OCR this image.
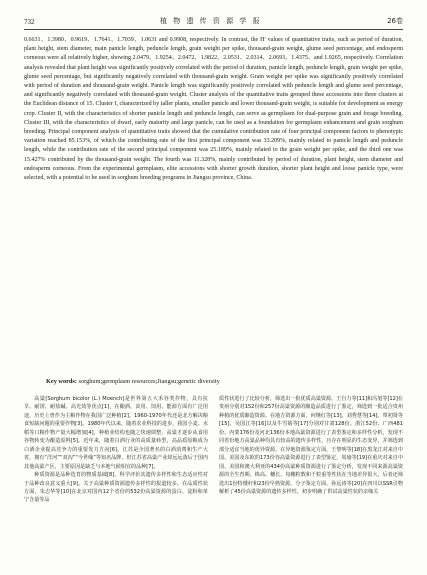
732	植 物 遗 传 资 源 学 报	26卷

0.6631、1.3980、0.9619、1.7641、1.7039、1.0631 and 0.9908, respectively. In contrast, the H′ values of quantitative traits, such as period of duration, plant height, stem diameter, main panicle length, peduncle length, grain weight per spike, thousand-grain weight, glume seed percentage, and endosperm corneous were all relatively higher, showing 2.0479、1.9254、2.0472、1.9822、2.0531、2.0314、2.0693、1.4375、and 1.9265, respectively. Correlation analysis revealed that plant height was significantly positively correlated with the period of duration, panicle length, peduncle length, grain weight per spike, glume seed percentage, but significantly negatively correlated with thousand-grain weight. Grain weight per spike was significantly positively correlated with period of duration and thousand-grain weight. Panicle length was significantly positively correlated with peduncle length and glume seed percentage, and significantly negatively correlated with thousand-grain weight. Cluster analysis of the quantitative traits grouped these accessions into three clusters at the Euclidean distance of 15. Cluster I, characterized by taller plants, smaller panicle and lower thousand-grain weight, is suitable for development as energy crop. Cluster II, with the characteristics of shorter panicle length and peduncle length, can serve as germplasm for dual-purpose grain and forage breeding. Cluster III, with the characteristics of dwarf, early maturity and large panicle, can be used as a foundation for germplasm enhancement and grain sorghum breeding. Principal component analysis of quantitative traits showed that the cumulative contribution rate of four principal component factors to phenotypic variation reached 85.153%, of which the contributing rate of the first principal component was 33.209%, mainly related to panicle length and peduncle length, while the contribution rate of the second principal component was 25.189%, mainly related to the grain weight per spike, and the third one was 15.427% contributed by the thousand-grain weight. The fourth was 11.328%, mainly contributed by period of duration, plant height, stem diameter and endosperm corneous. From the experimental germplasm, elite accessions with shorter growth duration, shorter plant height and loose panicle type, were selected, with a potential to be used in sorghum breeding programs in Jiangsu province, China.

Key words: sorghum;germplasm resources;Jiangsu;genetic diversity

高粱[Sorghum bicolor (L.) Moench]是世界第五大禾谷类作物，具有抗旱、耐涝、耐盐碱、高光效等优点[1]，在酿酒、食用、饲用、能源方面有广泛用途，历史上曾作为主粮作物在我国广泛种植[2]。1960-1970年代还是北方解决粮食短缺问题的重要作物[3]。1980年代以来，随着农业科技的进步，我国小麦、水稻等口粮作物产量大幅增加[4]，种植业结构也随之快速调整，高粱才逐步从食用谷物转变为酿造原料[5]。近年来，随着白酒行业的高质量转型，高品质原粮成为白酒企业提高竞争力的重要发力方向[6]。江苏是全国著名的白酒消费和生产大省，拥有“洋河”“双沟”“今世缘”等知名品牌，但江苏省高粱产业却远远落后于国内其他高粱产区，主要原因是缺乏与本地气候相宜的品种[7]。

种质资源是品种选育的物质基础[8]，科学评价其遗传多样性和生态适应性对于品种改良意义重大[9]。关于高粱种质资源遗传多样性的报道较多。在品质性状方面，朱志华等[10]在北京对国内12个省份的532份高粱资源的蛋白、淀粉和单宁含量等品

质性状进行了比较分析，筛选出一批优质高粱资源。王自力等[11]和冯旭等[12]在贵州分别对152份和257份高粱资源的酿造品质进行了鉴定，筛选到一批适合贵州种植的优质酿造资源。在地方资源方面，何继红等[13]、刘秀慧等[14]、覃初贤等[15]、吴国江等[16]以及牛雪婧等[17]分别对甘肃128份、浙江52份、广西481份、内蒙176份及河北136份本地高粱资源进行了表型鉴定和多样性分析，发现不同省份地方高粱品种均具有较高的遗传多样性，且存在明显的生态变异，并筛选到部分适宜当地的优异资源。在异地资源鉴定方面，王黎明等[18]在黑龙江对来自中国、美国及东欧的173份谷高粱资源进行了表型鉴定，周瑜等[19]在重庆对来自中国、美国和澳大利亚的434份高粱种质资源进行了鉴定分析，发现不同来源高粱资源的全生育期、株高、穗长、每穗粒数和千粒重等性状在当地差异很大，后者还筛选出1份特矮秆和23份早熟资源。分子鉴定方面，孙远涛等[20]在四川以SSR引物解析了45份高粱资源的遗传多样性，初步明确了供试高粱性状的亲缘关
